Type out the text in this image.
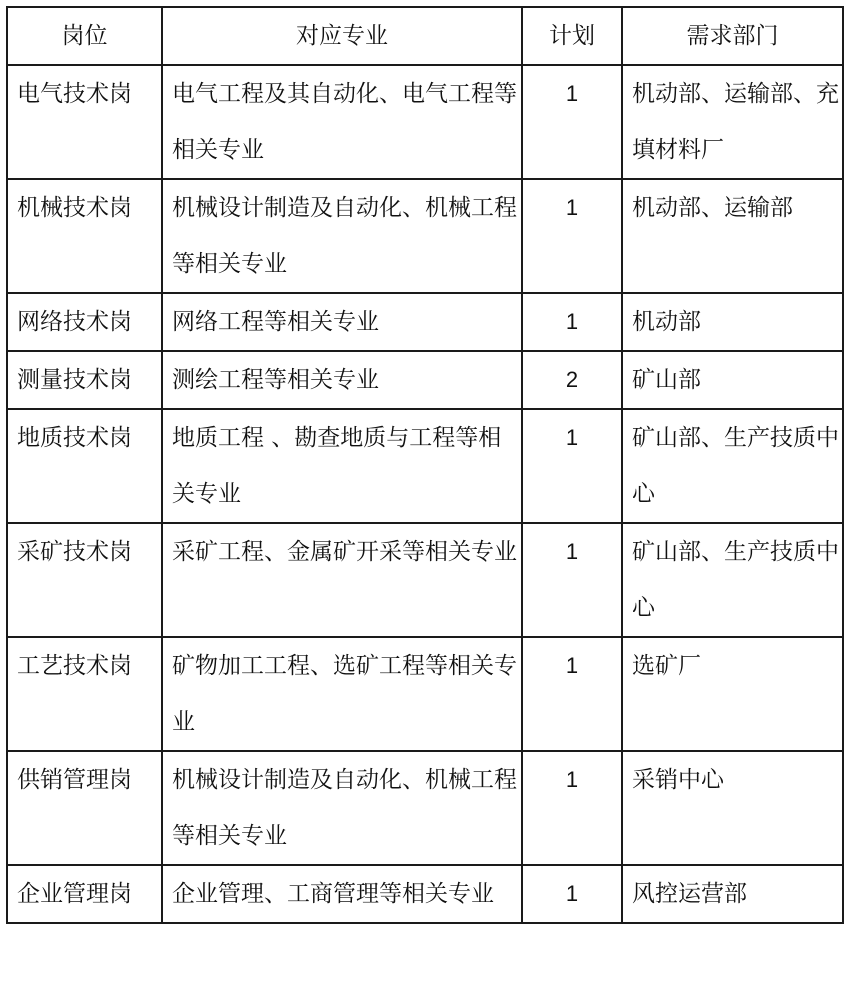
岗位	对应专业	计划	需求部门
电气技术岗	电气工程及其自动化、电气工程等相关专业	1	机动部、运输部、充填材料厂
机械技术岗	机械设计制造及自动化、机械工程等相关专业	1	机动部、运输部
网络技术岗	网络工程等相关专业	1	机动部
测量技术岗	测绘工程等相关专业	2	矿山部
地质技术岗	地质工程 、勘查地质与工程等相关专业	1	矿山部、生产技质中心
采矿技术岗	采矿工程、金属矿开采等相关专业	1	矿山部、生产技质中心
工艺技术岗	矿物加工工程、选矿工程等相关专业	1	选矿厂
供销管理岗	机械设计制造及自动化、机械工程等相关专业	1	采销中心
企业管理岗	企业管理、工商管理等相关专业	1	风控运营部
